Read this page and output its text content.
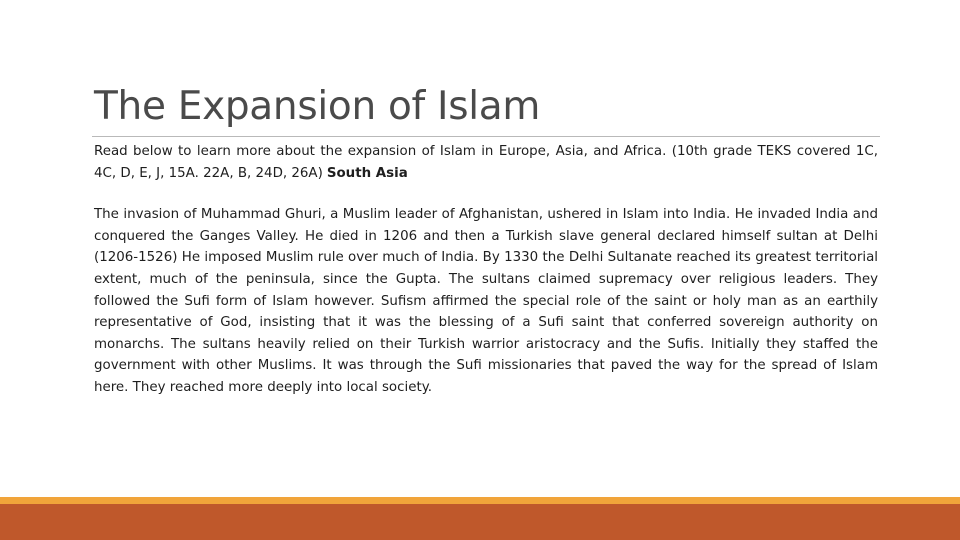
The Expansion of Islam

Read below to learn more about the expansion of Islam in Europe, Asia, and Africa. (10th grade TEKS covered 1C, 4C, D, E, J, 15A. 22A, B, 24D, 26A) South Asia

The invasion of Muhammad Ghuri, a Muslim leader of Afghanistan, ushered in Islam into India. He invaded India and conquered the Ganges Valley. He died in 1206 and then a Turkish slave general declared himself sultan at Delhi (1206-1526) He imposed Muslim rule over much of India. By 1330 the Delhi Sultanate reached its greatest territorial extent, much of the peninsula, since the Gupta. The sultans claimed supremacy over religious leaders. They followed the Sufi form of Islam however. Sufism affirmed the special role of the saint or holy man as an earthily representative of God, insisting that it was the blessing of a Sufi saint that conferred sovereign authority on monarchs. The sultans heavily relied on their Turkish warrior aristocracy and the Sufis. Initially they staffed the government with other Muslims. It was through the Sufi missionaries that paved the way for the spread of Islam here. They reached more deeply into local society.
